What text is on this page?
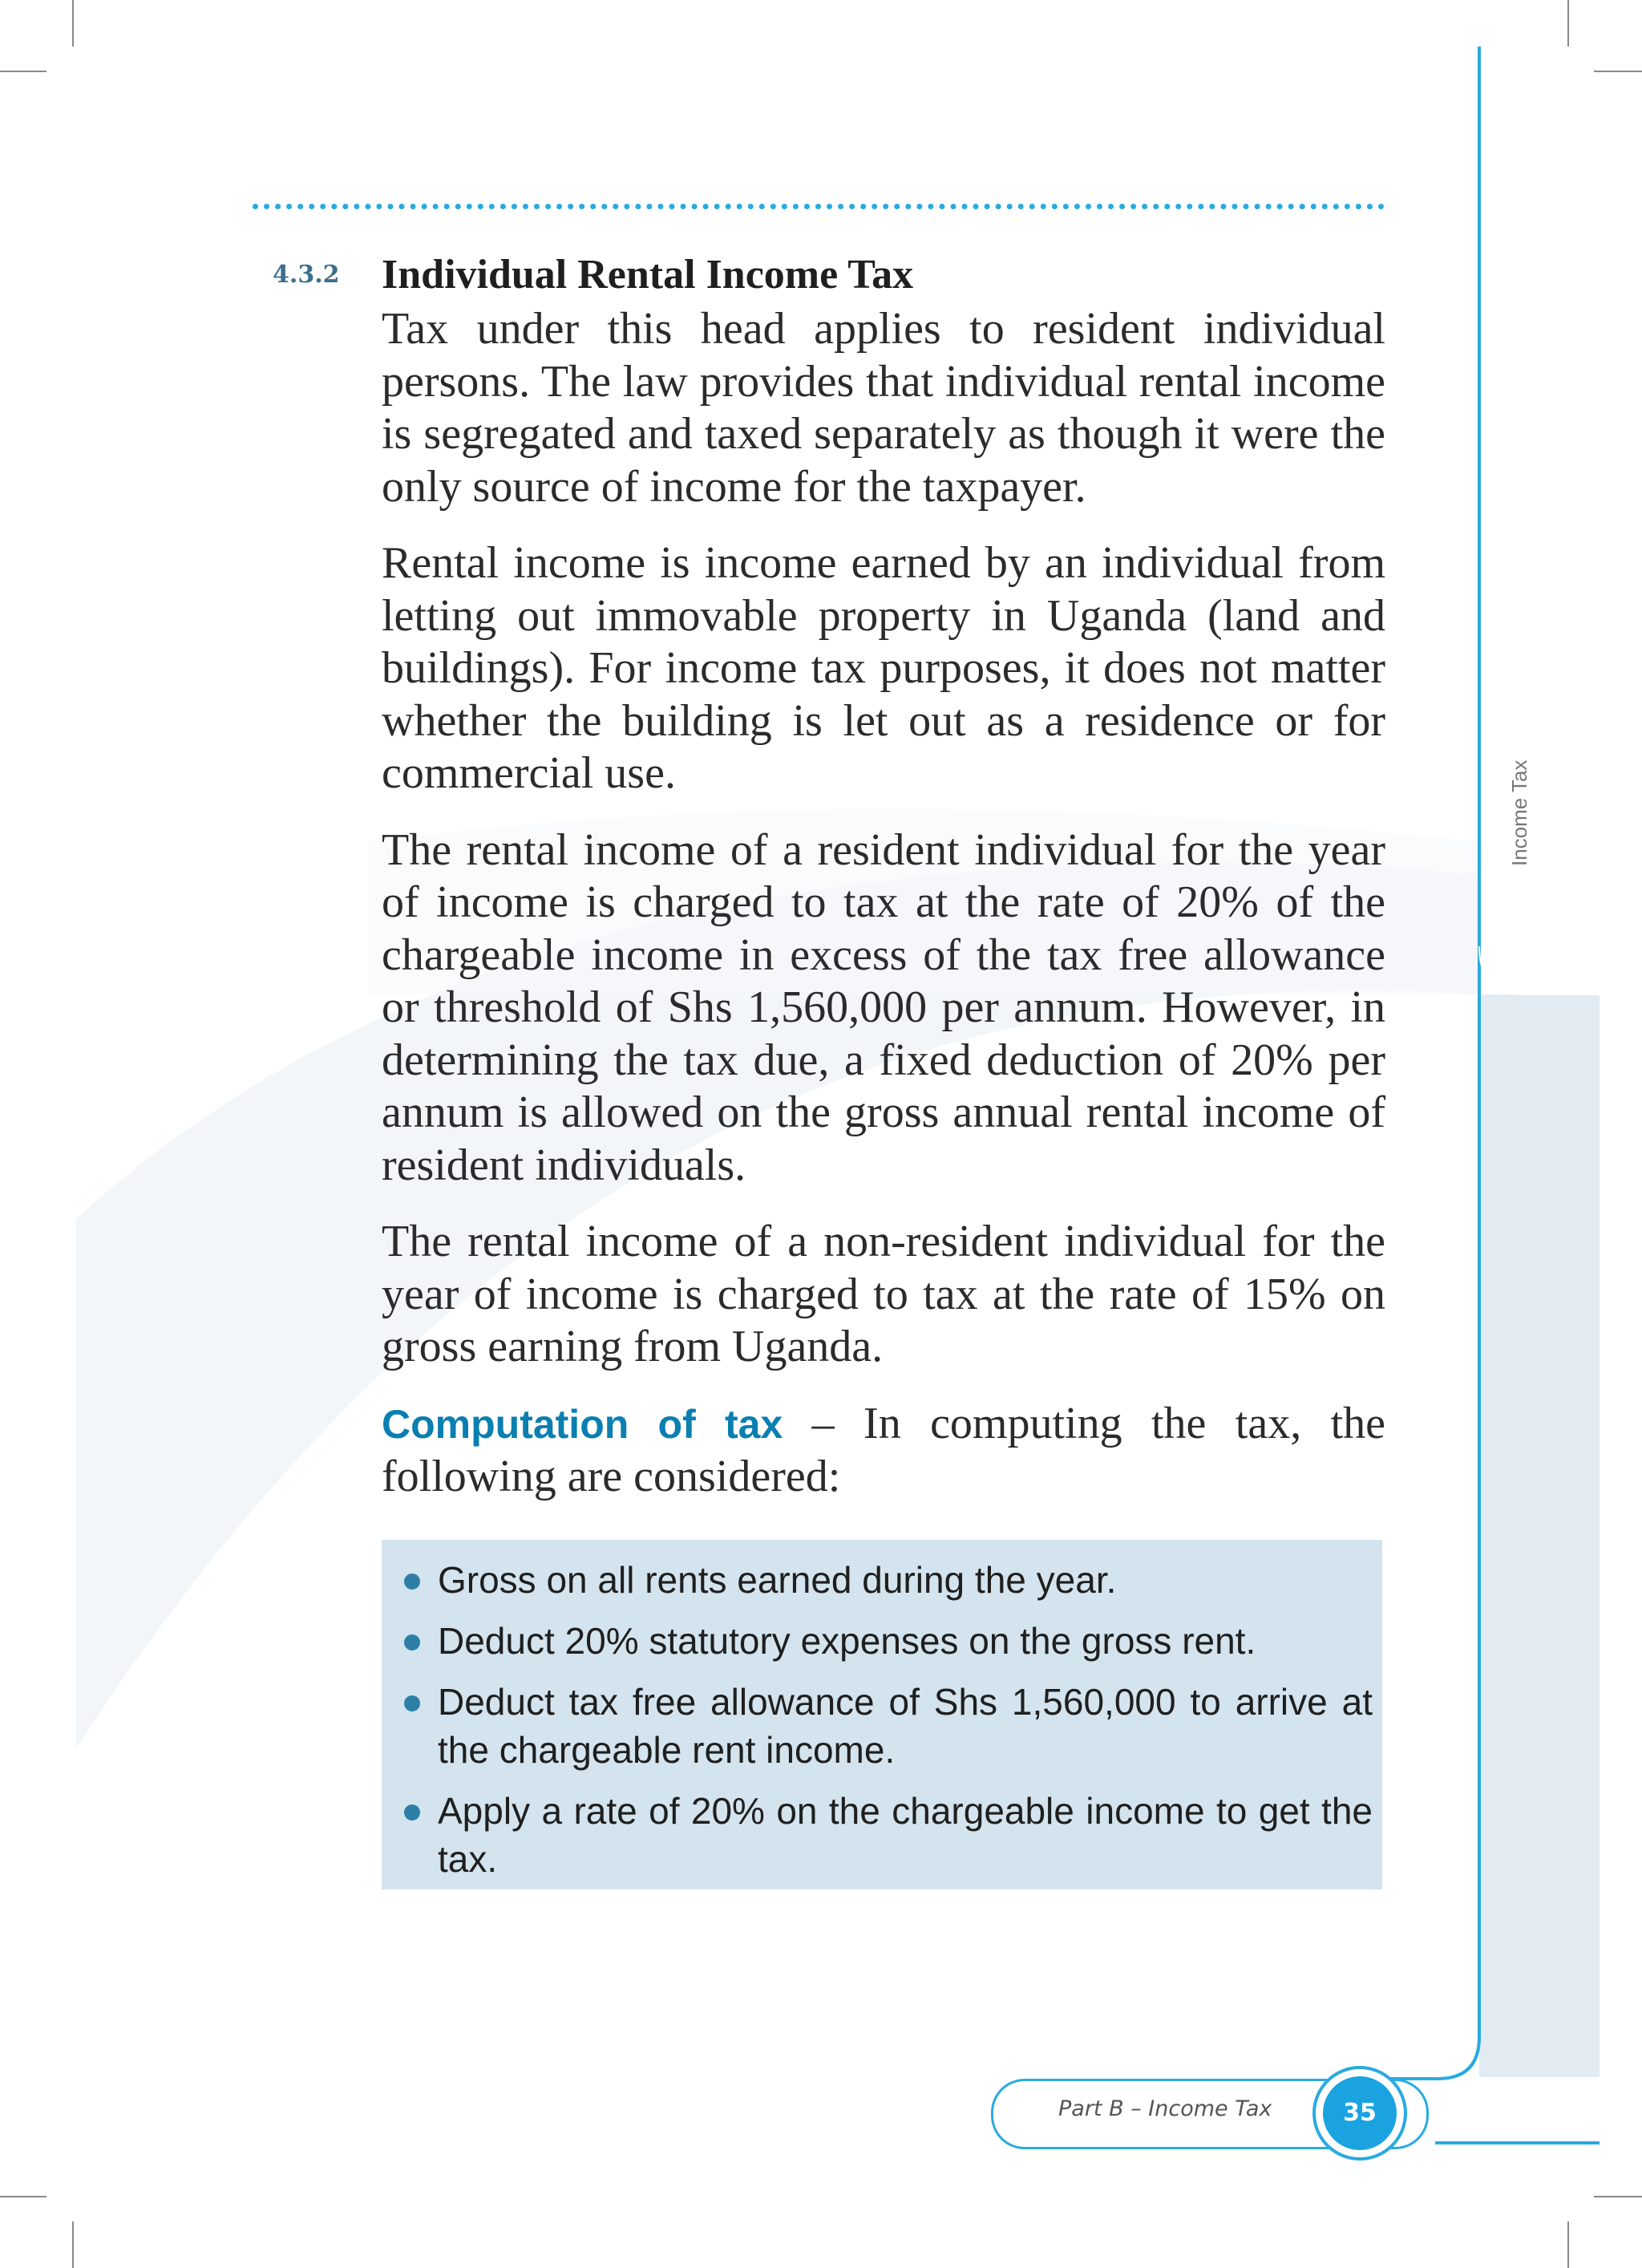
4.3.2 Individual Rental Income Tax

Tax under this head applies to resident individual persons. The law provides that individual rental income is segregated and taxed separately as though it were the only source of income for the taxpayer.

Rental income is income earned by an individual from letting out immovable property in Uganda (land and buildings). For income tax purposes, it does not matter whether the building is let out as a residence or for commercial use.

The rental income of a resident individual for the year of income is charged to tax at the rate of 20% of the chargeable income in excess of the tax free allowance or threshold of Shs 1,560,000 per annum. However, in determining the tax due, a fixed deduction of 20% per annum is allowed on the gross annual rental income of resident individuals.

The rental income of a non-resident individual for the year of income is charged to tax at the rate of 15% on gross earning from Uganda.

Computation of tax – In computing the tax, the following are considered:

Gross on all rents earned during the year.
Deduct 20% statutory expenses on the gross rent.
Deduct tax free allowance of Shs 1,560,000 to arrive at the chargeable rent income.
Apply a rate of 20% on the chargeable income to get the tax.
Income Tax
Part B – Income Tax	35
